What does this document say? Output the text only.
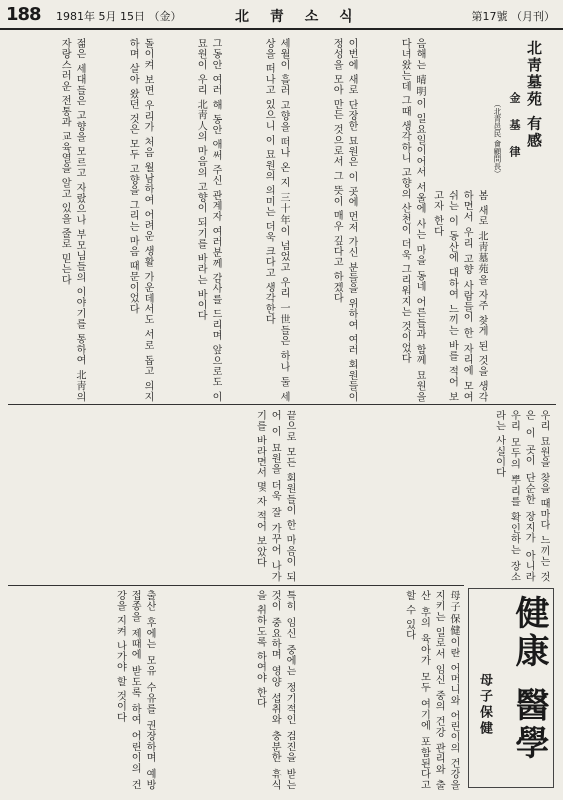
188 1981年 5月 15日 （金）	北 靑 소 식	第17號 （月刊）
北靑墓苑 有感
金 基 律
（北青邑民 會顧問長）
봄 새로 北靑墓苑을 자주 찾게 된 것을 생각하면서 우리 고향 사람들이 한 자리에 모여 쉬는 이 동산에 대하여 느끼는 바를 적어 보고자 한다
음해는 晴明이 일요일이어서 서울에 사는 마을 동네 어른들과 함께 묘원을 다녀왔는데 그때 생각하니 고향의 산천이 더욱 그리워지는 것이었다
이번에 새로 단장한 묘원은 이 곳에 먼저 가신 분들을 위하여 여러 회원들이 정성을 모아 만든 것으로서 그 뜻이 매우 깊다고 하겠다
세월이 흘러 고향을 떠나 온 지 三十年이 넘었고 우리 一世들은 하나 둘 세상을 떠나고 있으니 이 묘원의 의미는 더욱 크다고 생각한다
그동안 여러 해 동안 애써 주신 관계자 여러분께 감사를 드리며 앞으로도 이 묘원이 우리 北靑人의 마음의 고향이 되기를 바라는 바이다
돌이켜 보면 우리가 처음 월남하여 어려운 생활 가운데서도 서로 돕고 의지하며 살아 왔던 것은 모두 고향을 그리는 마음 때문이었다
젊은 세대들은 고향을 모르고 자랐으나 부모님들의 이야기를 통하여 北靑의 자랑스러운 전통과 교육열을 알고 있을 줄로 믿는다
우리 묘원을 찾을 때마다 느끼는 것은 이 곳이 단순한 장지가 아니라 우리 모두의 뿌리를 확인하는 장소라는 사실이다
끝으로 모든 회원들이 한 마음이 되어 이 묘원을 더욱 잘 가꾸어 나가기를 바라면서 몇 자 적어 보았다
母子保健이란 어머니와 어린이의 건강을 지키는 일로서 임신 중의 건강 관리와 출산 후의 육아가 모두 여기에 포함된다고 할 수 있다
특히 임신 중에는 정기적인 검진을 받는 것이 중요하며 영양 섭취와 충분한 휴식을 취하도록 하여야 한다
출산 후에는 모유 수유를 권장하며 예방 접종을 제때에 받도록 하여 어린이의 건강을 지켜 나가야 할 것이다	母子保健 健康 醫學
